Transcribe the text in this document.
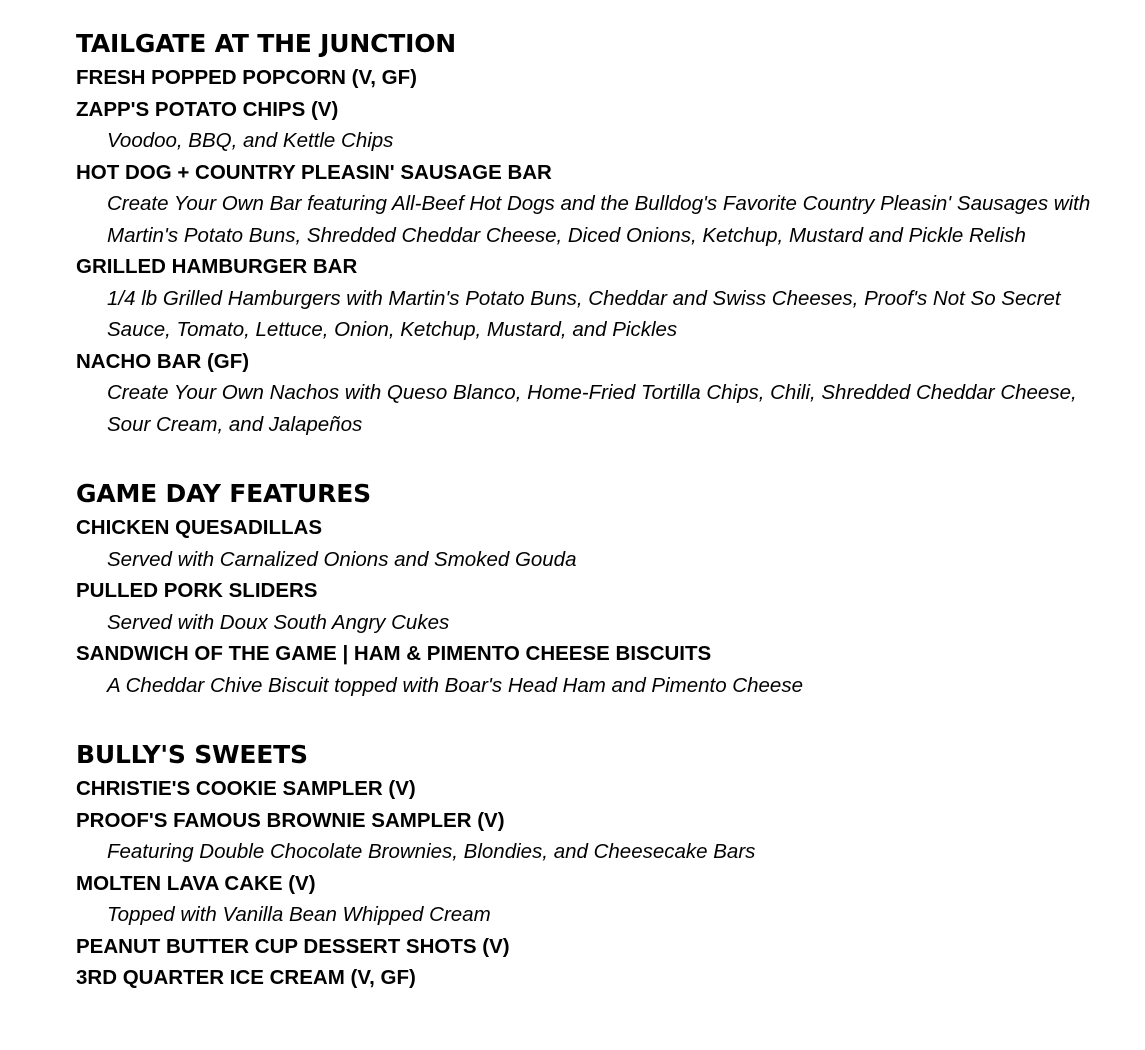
TAILGATE AT THE JUNCTION

FRESH POPPED POPCORN (V, GF)

ZAPP'S POTATO CHIPS (V)

Voodoo, BBQ, and Kettle Chips

HOT DOG + COUNTRY PLEASIN' SAUSAGE BAR

Create Your Own Bar featuring All-Beef Hot Dogs and the Bulldog's Favorite Country Pleasin' Sausages with Martin's Potato Buns, Shredded Cheddar Cheese, Diced Onions, Ketchup, Mustard and Pickle Relish

GRILLED HAMBURGER BAR

1/4 lb Grilled Hamburgers with Martin's Potato Buns, Cheddar and Swiss Cheeses, Proof's Not So Secret Sauce, Tomato, Lettuce, Onion, Ketchup, Mustard, and Pickles

NACHO BAR (GF)

Create Your Own Nachos with Queso Blanco, Home-Fried Tortilla Chips, Chili, Shredded Cheddar Cheese, Sour Cream, and Jalapeños

GAME DAY FEATURES

CHICKEN QUESADILLAS

Served with Carnalized Onions and Smoked Gouda

PULLED PORK SLIDERS

Served with Doux South Angry Cukes

SANDWICH OF THE GAME | HAM & PIMENTO CHEESE BISCUITS

A Cheddar Chive Biscuit topped with Boar's Head Ham and Pimento Cheese

BULLY'S SWEETS

CHRISTIE'S COOKIE SAMPLER (V)

PROOF'S FAMOUS BROWNIE SAMPLER (V)

Featuring Double Chocolate Brownies, Blondies, and Cheesecake Bars

MOLTEN LAVA CAKE (V)

Topped with Vanilla Bean Whipped Cream

PEANUT BUTTER CUP DESSERT SHOTS (V)

3RD QUARTER ICE CREAM (V, GF)
